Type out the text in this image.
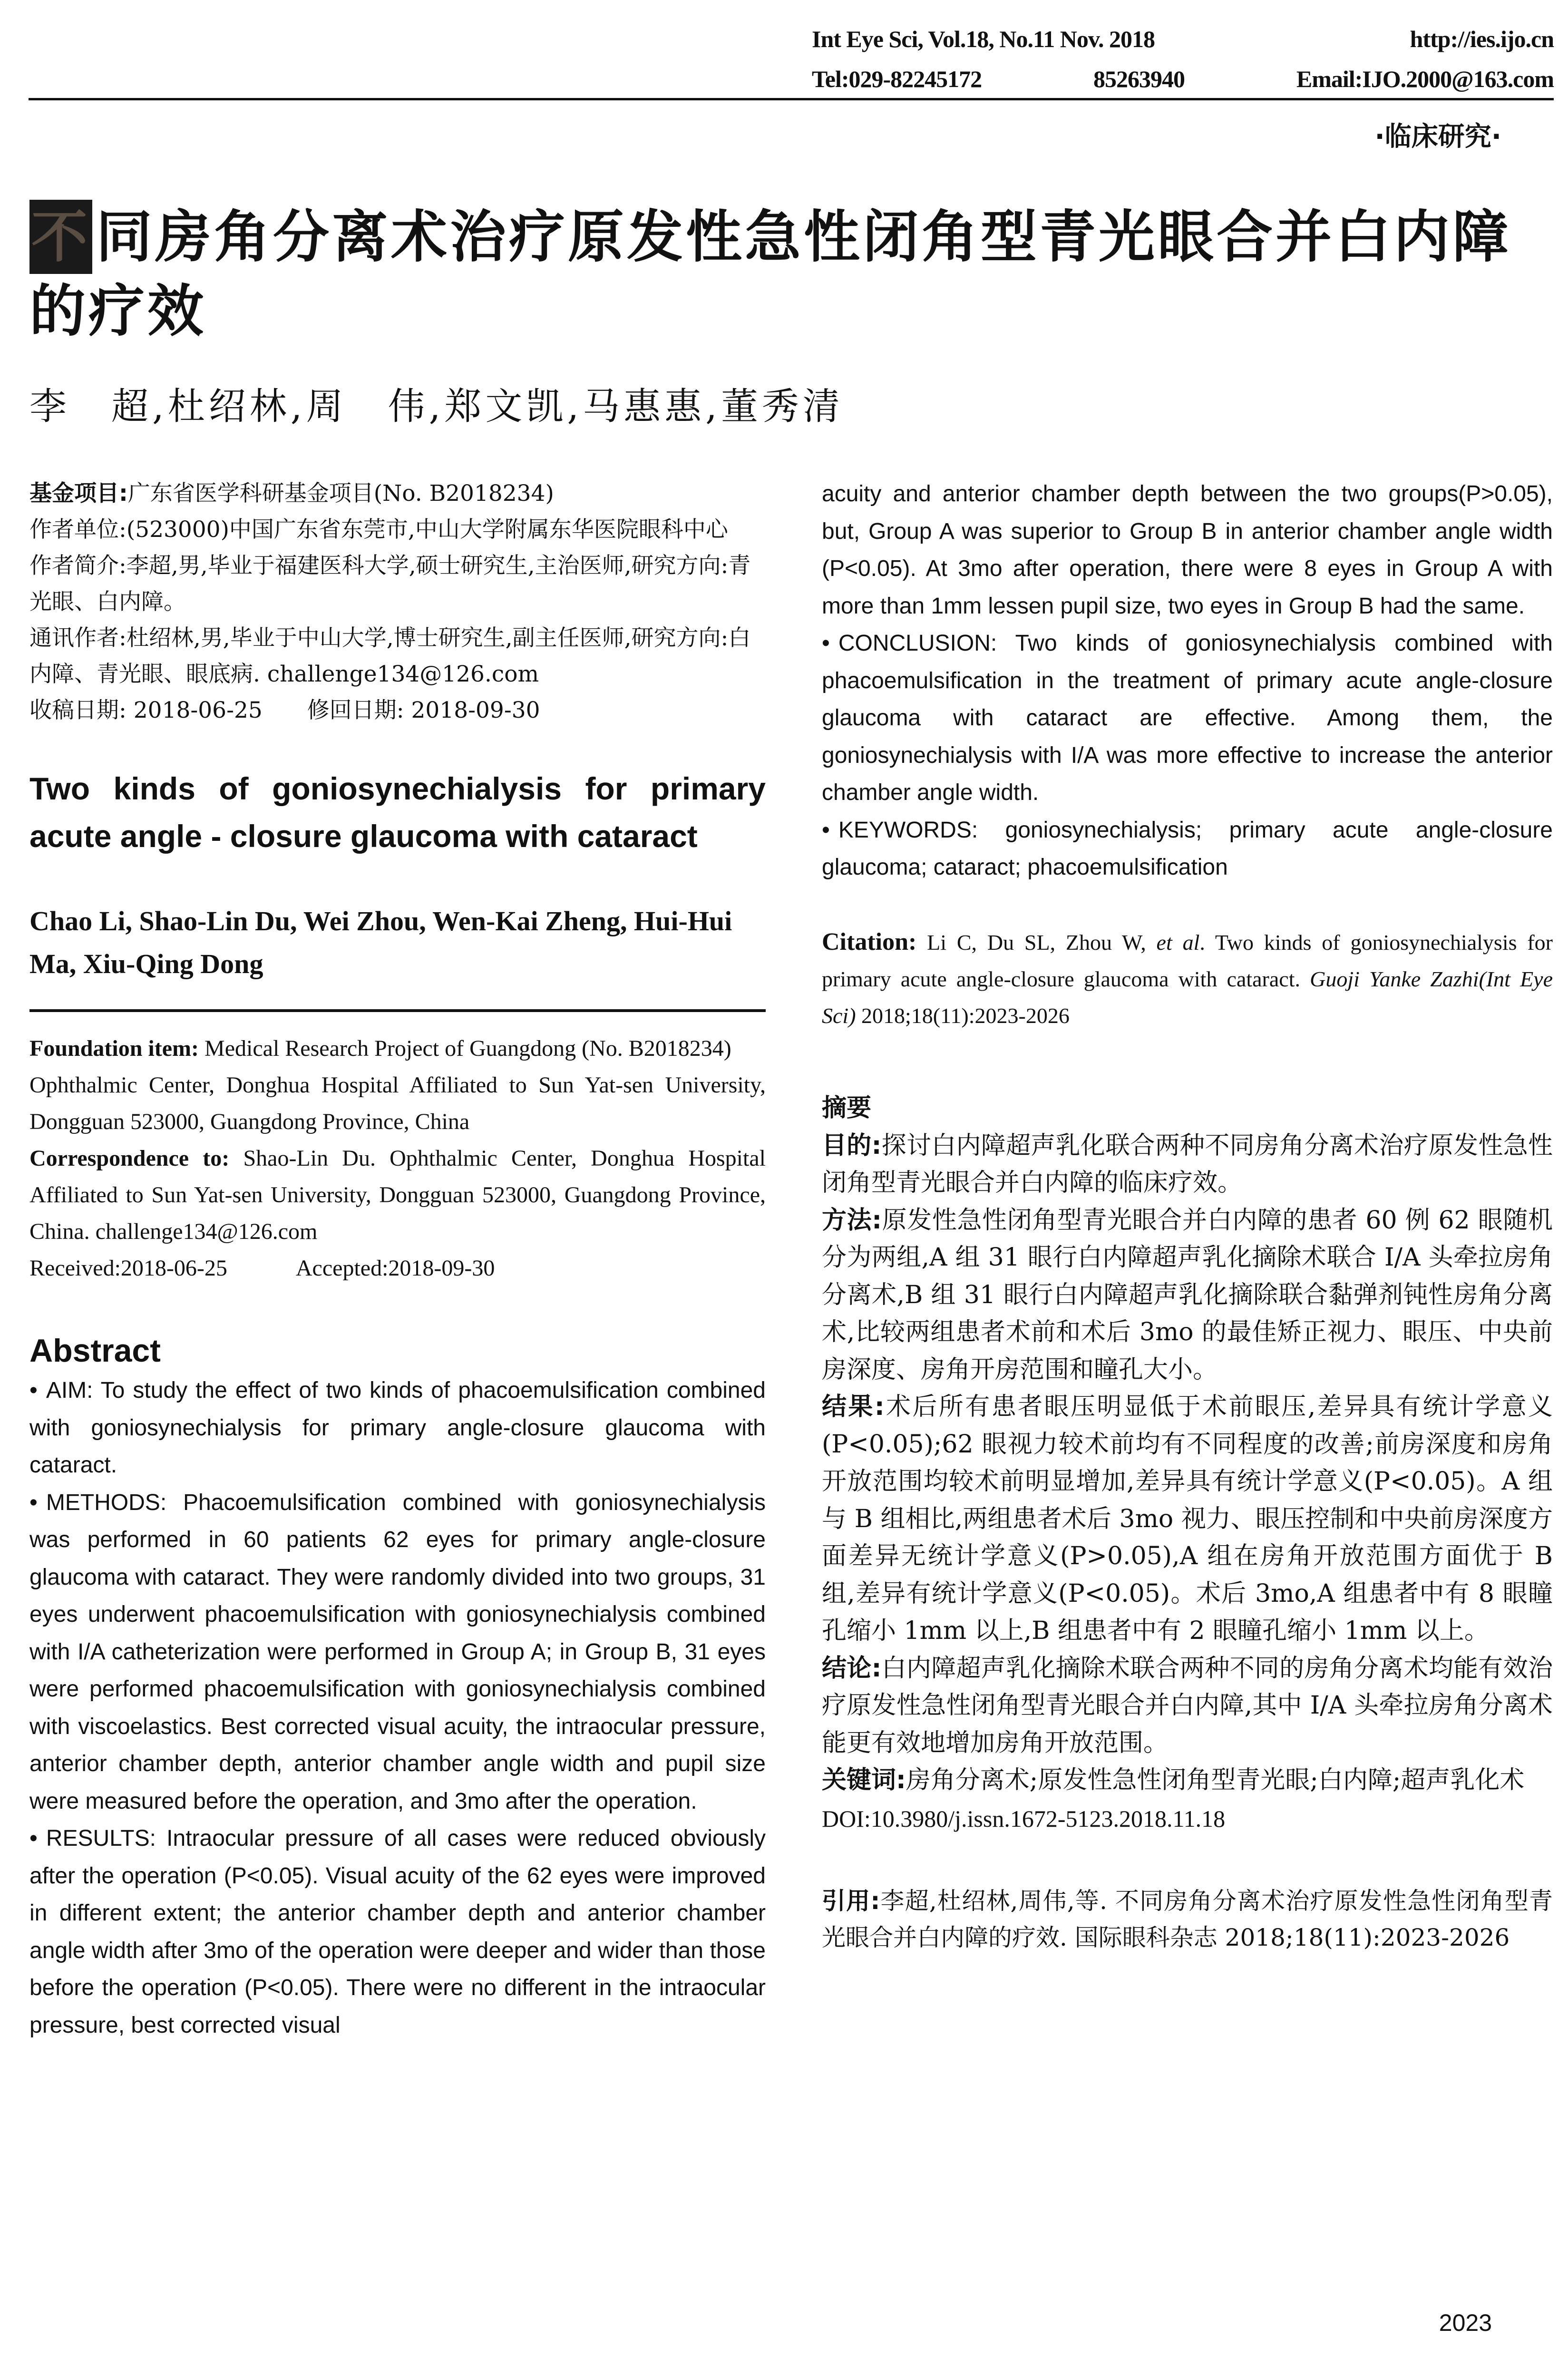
Int Eye Sci, Vol.18, No.11 Nov. 2018	http://ies.ijo.cn
Tel:029-82245172	85263940	Email:IJO.2000@163.com
·临床研究·
不 同房角分离术治疗原发性急性闭角型青光眼合并白内障的疗效
李　超,杜绍林,周　伟,郑文凯,马惠惠,董秀清

基金项目:广东省医学科研基金项目(No. B2018234)

作者单位:(523000)中国广东省东莞市,中山大学附属东华医院眼科中心

作者简介:李超,男,毕业于福建医科大学,硕士研究生,主治医师,研究方向:青光眼、白内障。

通讯作者:杜绍林,男,毕业于中山大学,博士研究生,副主任医师,研究方向:白内障、青光眼、眼底病. challenge134@126.com

收稿日期: 2018-06-25　　修回日期: 2018-09-30

Two kinds of goniosynechialysis for primary acute angle - closure glaucoma with cataract
Chao Li, Shao-Lin Du, Wei Zhou, Wen-Kai Zheng, Hui-Hui Ma, Xiu-Qing Dong

Foundation item: Medical Research Project of Guangdong (No. B2018234)

Ophthalmic Center, Donghua Hospital Affiliated to Sun Yat-sen University, Dongguan 523000, Guangdong Province, China

Correspondence to: Shao-Lin Du. Ophthalmic Center, Donghua Hospital Affiliated to Sun Yat-sen University, Dongguan 523000, Guangdong Province, China. challenge134@126.com

Received:2018-06-25　　　Accepted:2018-09-30

Abstract

• AIM: To study the effect of two kinds of phacoemulsification combined with goniosynechialysis for primary angle-closure glaucoma with cataract.

• METHODS: Phacoemulsification combined with goniosynechialysis was performed in 60 patients 62 eyes for primary angle-closure glaucoma with cataract. They were randomly divided into two groups, 31 eyes underwent phacoemulsification with goniosynechialysis combined with I/A catheterization were performed in Group A; in Group B, 31 eyes were performed phacoemulsification with goniosynechialysis combined with viscoelastics. Best corrected visual acuity, the intraocular pressure, anterior chamber depth, anterior chamber angle width and pupil size were measured before the operation, and 3mo after the operation.

• RESULTS: Intraocular pressure of all cases were reduced obviously after the operation (P<0.05). Visual acuity of the 62 eyes were improved in different extent; the anterior chamber depth and anterior chamber angle width after 3mo of the operation were deeper and wider than those before the operation (P<0.05). There were no different in the intraocular pressure, best corrected visual

acuity and anterior chamber depth between the two groups(P>0.05), but, Group A was superior to Group B in anterior chamber angle width (P<0.05). At 3mo after operation, there were 8 eyes in Group A with more than 1mm lessen pupil size, two eyes in Group B had the same.

• CONCLUSION: Two kinds of goniosynechialysis combined with phacoemulsification in the treatment of primary acute angle-closure glaucoma with cataract are effective. Among them, the goniosynechialysis with I/A was more effective to increase the anterior chamber angle width.

• KEYWORDS: goniosynechialysis; primary acute angle-closure glaucoma; cataract; phacoemulsification

Citation: Li C, Du SL, Zhou W, et al. Two kinds of goniosynechialysis for primary acute angle-closure glaucoma with cataract. Guoji Yanke Zazhi(Int Eye Sci) 2018;18(11):2023-2026
摘要

目的:探讨白内障超声乳化联合两种不同房角分离术治疗原发性急性闭角型青光眼合并白内障的临床疗效。

方法:原发性急性闭角型青光眼合并白内障的患者 60 例 62 眼随机分为两组,A 组 31 眼行白内障超声乳化摘除术联合 I/A 头牵拉房角分离术,B 组 31 眼行白内障超声乳化摘除联合黏弹剂钝性房角分离术,比较两组患者术前和术后 3mo 的最佳矫正视力、眼压、中央前房深度、房角开房范围和瞳孔大小。

结果:术后所有患者眼压明显低于术前眼压,差异具有统计学意义(P<0.05);62 眼视力较术前均有不同程度的改善;前房深度和房角开放范围均较术前明显增加,差异具有统计学意义(P<0.05)。A 组与 B 组相比,两组患者术后 3mo 视力、眼压控制和中央前房深度方面差异无统计学意义(P>0.05),A 组在房角开放范围方面优于 B 组,差异有统计学意义(P<0.05)。术后 3mo,A 组患者中有 8 眼瞳孔缩小 1mm 以上,B 组患者中有 2 眼瞳孔缩小 1mm 以上。

结论:白内障超声乳化摘除术联合两种不同的房角分离术均能有效治疗原发性急性闭角型青光眼合并白内障,其中 I/A 头牵拉房角分离术能更有效地增加房角开放范围。

关键词:房角分离术;原发性急性闭角型青光眼;白内障;超声乳化术

DOI:10.3980/j.issn.1672-5123.2018.11.18

引用:李超,杜绍林,周伟,等. 不同房角分离术治疗原发性急性闭角型青光眼合并白内障的疗效. 国际眼科杂志 2018;18(11):2023-2026

2023
